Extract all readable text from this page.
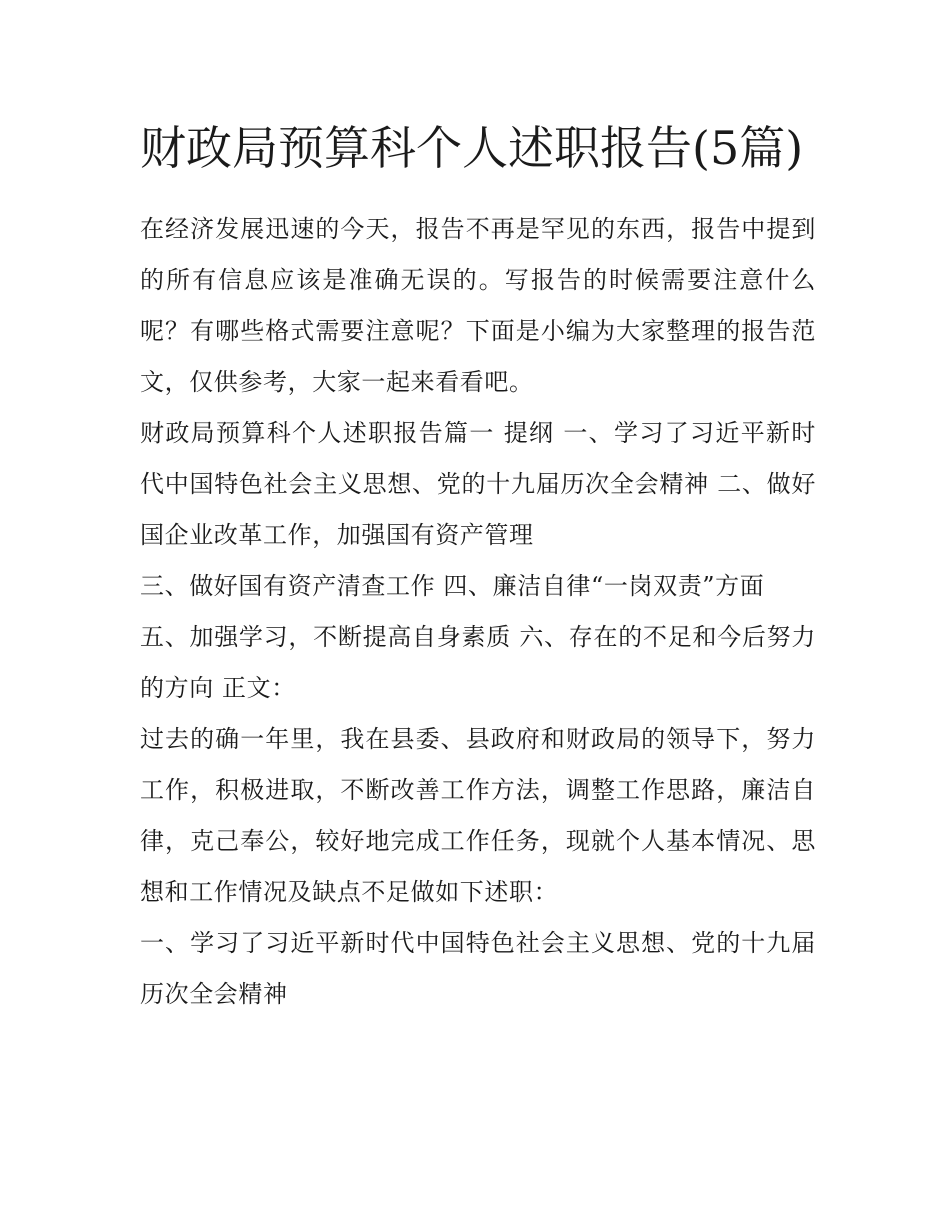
财政局预算科个人述职报告(5篇)

在经济发展迅速的今天，报告不再是罕见的东西，报告中提到的所有信息应该是准确无误的。写报告的时候需要注意什么呢？有哪些格式需要注意呢？下面是小编为大家整理的报告范文，仅供参考，大家一起来看看吧。

财政局预算科个人述职报告篇一 提纲 一、学习了习近平新时代中国特色社会主义思想、党的十九届历次全会精神 二、做好国企业改革工作，加强国有资产管理

三、做好国有资产清查工作 四、廉洁自律“一岗双责”方面

五、加强学习，不断提高自身素质 六、存在的不足和今后努力的方向 正文：

过去的确一年里，我在县委、县政府和财政局的领导下，努力工作，积极进取，不断改善工作方法，调整工作思路，廉洁自律，克己奉公，较好地完成工作任务，现就个人基本情况、思想和工作情况及缺点不足做如下述职：

一、学习了习近平新时代中国特色社会主义思想、党的十九届历次全会精神
